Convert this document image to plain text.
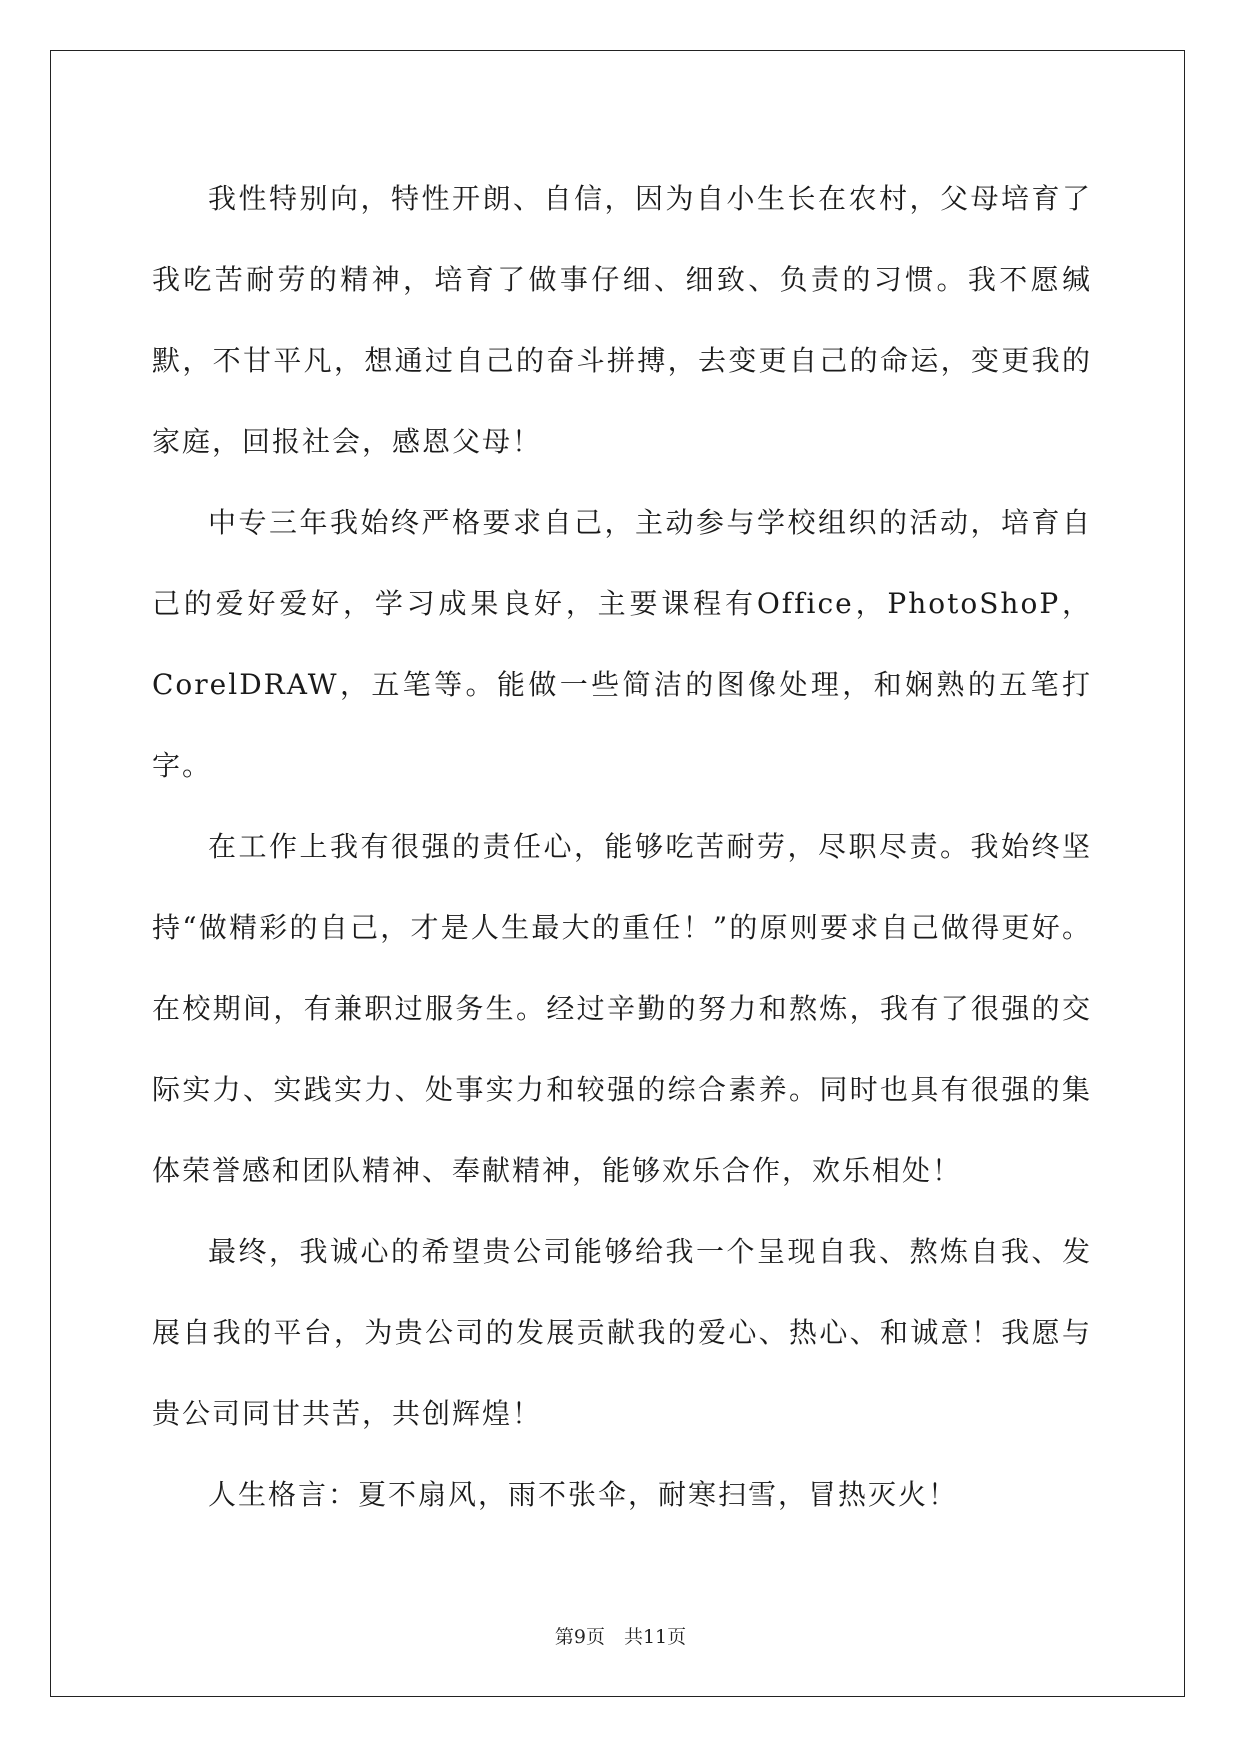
我性特别向，特性开朗、自信，因为自小生长在农村，父母培育了我吃苦耐劳的精神，培育了做事仔细、细致、负责的习惯。我不愿缄默，不甘平凡，想通过自己的奋斗拼搏，去变更自己的命运，变更我的家庭，回报社会，感恩父母！

中专三年我始终严格要求自己，主动参与学校组织的活动，培育自己的爱好爱好，学习成果良好，主要课程有Office，PhotoShoP，CorelDRAW，五笔等。能做一些简洁的图像处理，和娴熟的五笔打字。

在工作上我有很强的责任心，能够吃苦耐劳，尽职尽责。我始终坚持“做精彩的自己，才是人生最大的重任！”的原则要求自己做得更好。在校期间，有兼职过服务生。经过辛勤的努力和熬炼，我有了很强的交际实力、实践实力、处事实力和较强的综合素养。同时也具有很强的集体荣誉感和团队精神、奉献精神，能够欢乐合作，欢乐相处！

最终，我诚心的希望贵公司能够给我一个呈现自我、熬炼自我、发展自我的平台，为贵公司的发展贡献我的爱心、热心、和诚意！我愿与贵公司同甘共苦，共创辉煌！

人生格言：夏不扇风，雨不张伞，耐寒扫雪，冒热灭火！

第9页　共11页
